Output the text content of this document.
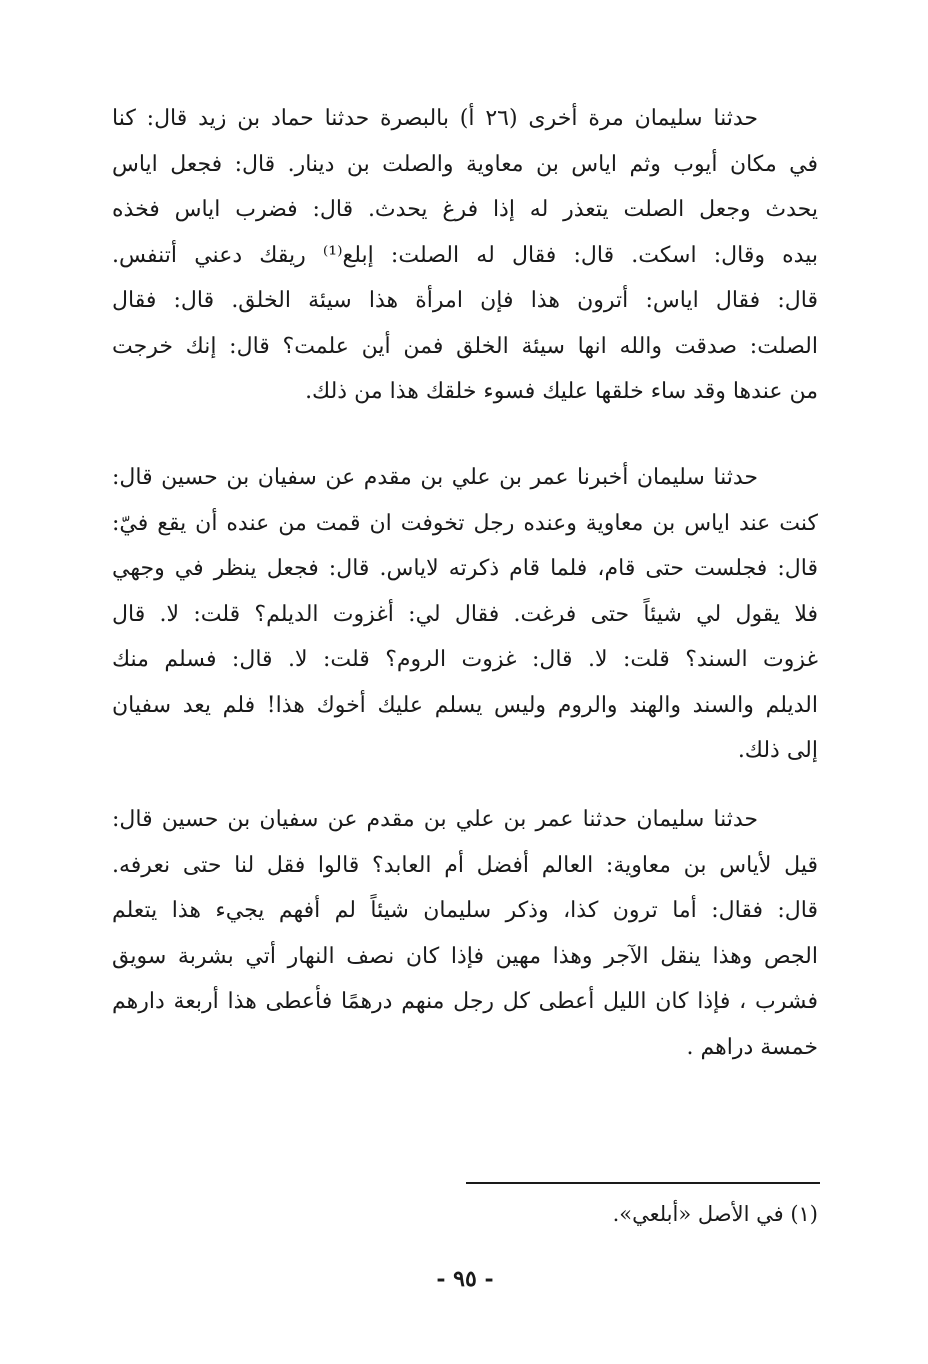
حدثنا سليمان مرة أخرى (٢٦ أ) بالبصرة حدثنا حماد بن زيد قال: كنا
في مكان أيوب وثم اياس بن معاوية والصلت بن دينار. قال: فجعل اياس
يحدث وجعل الصلت يتعذر له إذا فرغ يحدث. قال: فضرب اياس فخذه
بيده وقال: اسكت. قال: فقال له الصلت: إبلع⁽¹⁾ ريقك دعني أتنفس.
قال: فقال اياس: أترون هذا فإن امرأة هذا سيئة الخلق. قال: فقال
الصلت: صدقت والله انها سيئة الخلق فمن أين علمت؟ قال: إنك خرجت
من عندها وقد ساء خلقها عليك فسوء خلقك هذا من ذلك.
حدثنا سليمان أخبرنا عمر بن علي بن مقدم عن سفيان بن حسين قال:
كنت عند اياس بن معاوية وعنده رجل تخوفت ان قمت من عنده أن يقع فيّ:
قال: فجلست حتى قام، فلما قام ذكرته لاياس. قال: فجعل ينظر في وجهي
فلا يقول لي شيئاً حتى فرغت. فقال لي: أغزوت الديلم؟ قلت: لا. قال
غزوت السند؟ قلت: لا. قال: غزوت الروم؟ قلت: لا. قال: فسلم منك
الديلم والسند والهند والروم وليس يسلم عليك أخوك هذا! فلم يعد سفيان
إلى ذلك.
حدثنا سليمان حدثنا عمر بن علي بن مقدم عن سفيان بن حسين قال:
قيل لأياس بن معاوية: العالم أفضل أم العابد؟ قالوا فقل لنا حتى نعرفه.
قال: فقال: أما ترون كذا، وذكر سليمان شيئاً لم أفهم يجيء هذا يتعلم
الجص وهذا ينقل الآجر وهذا مهين فإذا كان نصف النهار أتي بشربة سويق
فشرب ، فإذا كان الليل أعطى كل رجل منهم درهمًا فأعطى هذا أربعة دارهم
خمسة دراهم .
(١) في الأصل «أبلعي».
- ٩٥ -
